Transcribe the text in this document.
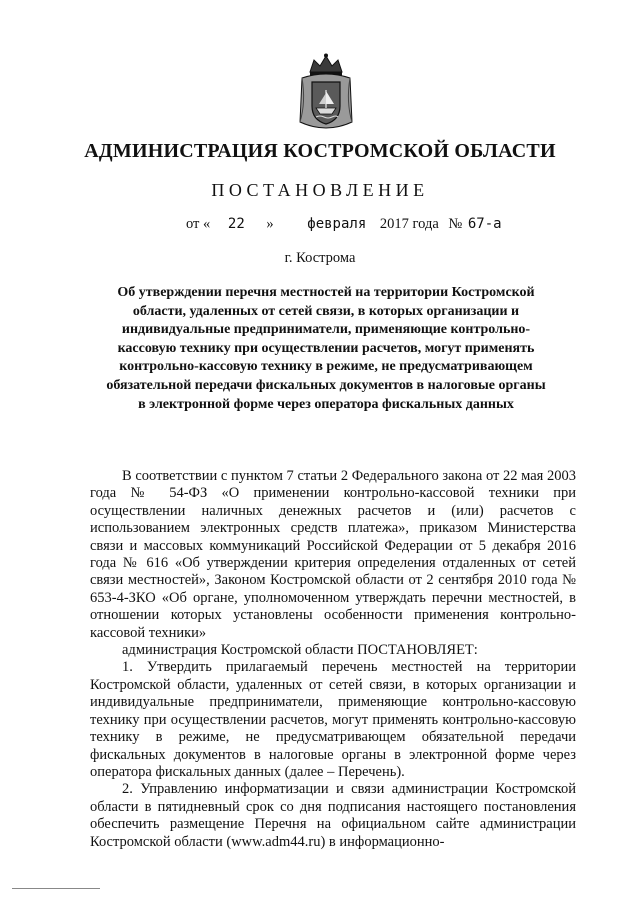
АДМИНИСТРАЦИЯ КОСТРОМСКОЙ ОБЛАСТИ
ПОСТАНОВЛЕНИЕ
от « 22 » февраля 2017 года № 67-а
г. Кострома
Об утверждении перечня местностей на территории Костромской
области, удаленных от сетей связи, в которых организации и
индивидуальные предприниматели, применяющие контрольно-
кассовую технику при осуществлении расчетов, могут применять
контрольно-кассовую технику в режиме, не предусматривающем
обязательной передачи фискальных документов в налоговые органы
в электронной форме через оператора фискальных данных

В соответствии с пунктом 7 статьи 2 Федерального закона от 22 мая 2003 года № 54-ФЗ «О применении контрольно-кассовой техники при осуществлении наличных денежных расчетов и (или) расчетов с использованием электронных средств платежа», приказом Министерства связи и массовых коммуникаций Российской Федерации от 5 декабря 2016 года № 616 «Об утверждении критерия определения отдаленных от сетей связи местностей», Законом Костромской области от 2 сентября 2010 года № 653-4-ЗКО «Об органе, уполномоченном утверждать перечни местностей, в отношении которых установлены особенности применения контрольно-кассовой техники»

администрация Костромской области ПОСТАНОВЛЯЕТ:

1. Утвердить прилагаемый перечень местностей на территории Костромской области, удаленных от сетей связи, в которых организации и индивидуальные предприниматели, применяющие контрольно-кассовую технику при осуществлении расчетов, могут применять контрольно-кассовую технику в режиме, не предусматривающем обязательной передачи фискальных документов в налоговые органы в электронной форме через оператора фискальных данных (далее – Перечень).

2. Управлению информатизации и связи администрации Костромской области в пятидневный срок со дня подписания настоящего постановления обеспечить размещение Перечня на официальном сайте администрации Костромской области (www.adm44.ru) в информационно-
